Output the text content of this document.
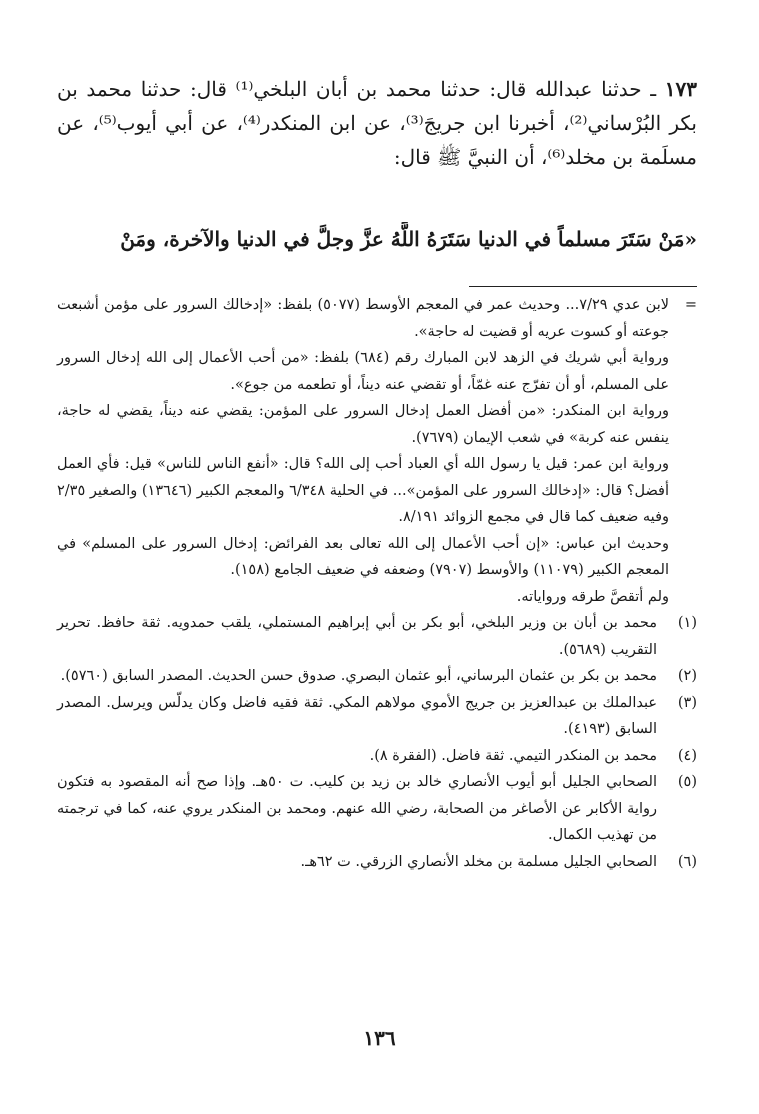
١٧٣ ـ حدثنا عبدالله قال: حدثنا محمد بن أبان البلخي⁽¹⁾ قال: حدثنا محمد بن بكر البُرْساني⁽²⁾، أخبرنا ابن جريجَ⁽³⁾، عن ابن المنكدر⁽⁴⁾، عن أبي أيوب⁽⁵⁾، عن مسلَمة بن مخلد⁽⁶⁾، أن النبيَّ ﷺ قال:

«مَنْ سَتَرَ مسلماً في الدنيا سَتَرَهُ اللَّهُ عزَّ وجلَّ في الدنيا والآخرة، ومَنْ

=
لابن عدي ٧/٢٩... وحديث عمر في المعجم الأوسط (٥٠٧٧) بلفظ: «إدخالك السرور على مؤمن أشبعت جوعته أو كسوت عريه أو قضيت له حاجة».

ورواية أبي شريك في الزهد لابن المبارك رقم (٦٨٤) بلفظ: «من أحب الأعمال إلى الله إدخال السرور على المسلم، أو أن تفرّج عنه غمّاً، أو تقضي عنه ديناً، أو تطعمه من جوع».

ورواية ابن المنكدر: «من أفضل العمل إدخال السرور على المؤمن: يقضي عنه ديناً، يقضي له حاجة، ينفس عنه كربة» في شعب الإيمان (٧٦٧٩).

ورواية ابن عمر: قيل يا رسول الله أي العباد أحب إلى الله؟ قال: «أنفع الناس للناس» قيل: فأي العمل أفضل؟ قال: «إدخالك السرور على المؤمن»... في الحلية ٦/٣٤٨ والمعجم الكبير (١٣٦٤٦) والصغير ٢/٣٥ وفيه ضعيف كما قال في مجمع الزوائد ٨/١٩١.

وحديث ابن عباس: «إن أحب الأعمال إلى الله تعالى بعد الفرائض: إدخال السرور على المسلم» في المعجم الكبير (١١٠٧٩) والأوسط (٧٩٠٧) وضعفه في ضعيف الجامع (١٥٨).

ولم أتقصَّ طرقه ورواياته.

(١)
محمد بن أبان بن وزير البلخي، أبو بكر بن أبي إبراهيم المستملي، يلقب حمدويه. ثقة حافظ. تحرير التقريب (٥٦٨٩).

(٢)
محمد بن بكر بن عثمان البرساني، أبو عثمان البصري. صدوق حسن الحديث. المصدر السابق (٥٧٦٠).

(٣)
عبدالملك بن عبدالعزيز بن جريج الأموي مولاهم المكي. ثقة فقيه فاضل وكان يدلّس ويرسل. المصدر السابق (٤١٩٣).

(٤)
محمد بن المنكدر التيمي. ثقة فاضل. (الفقرة ٨).

(٥)
الصحابي الجليل أبو أيوب الأنصاري خالد بن زيد بن كليب. ت ٥٠هـ. وإذا صح أنه المقصود به فتكون رواية الأكابر عن الأصاغر من الصحابة، رضي الله عنهم. ومحمد بن المنكدر يروي عنه، كما في ترجمته من تهذيب الكمال.

(٦)
الصحابي الجليل مسلمة بن مخلد الأنصاري الزرقي. ت ٦٢هـ.

١٣٦
